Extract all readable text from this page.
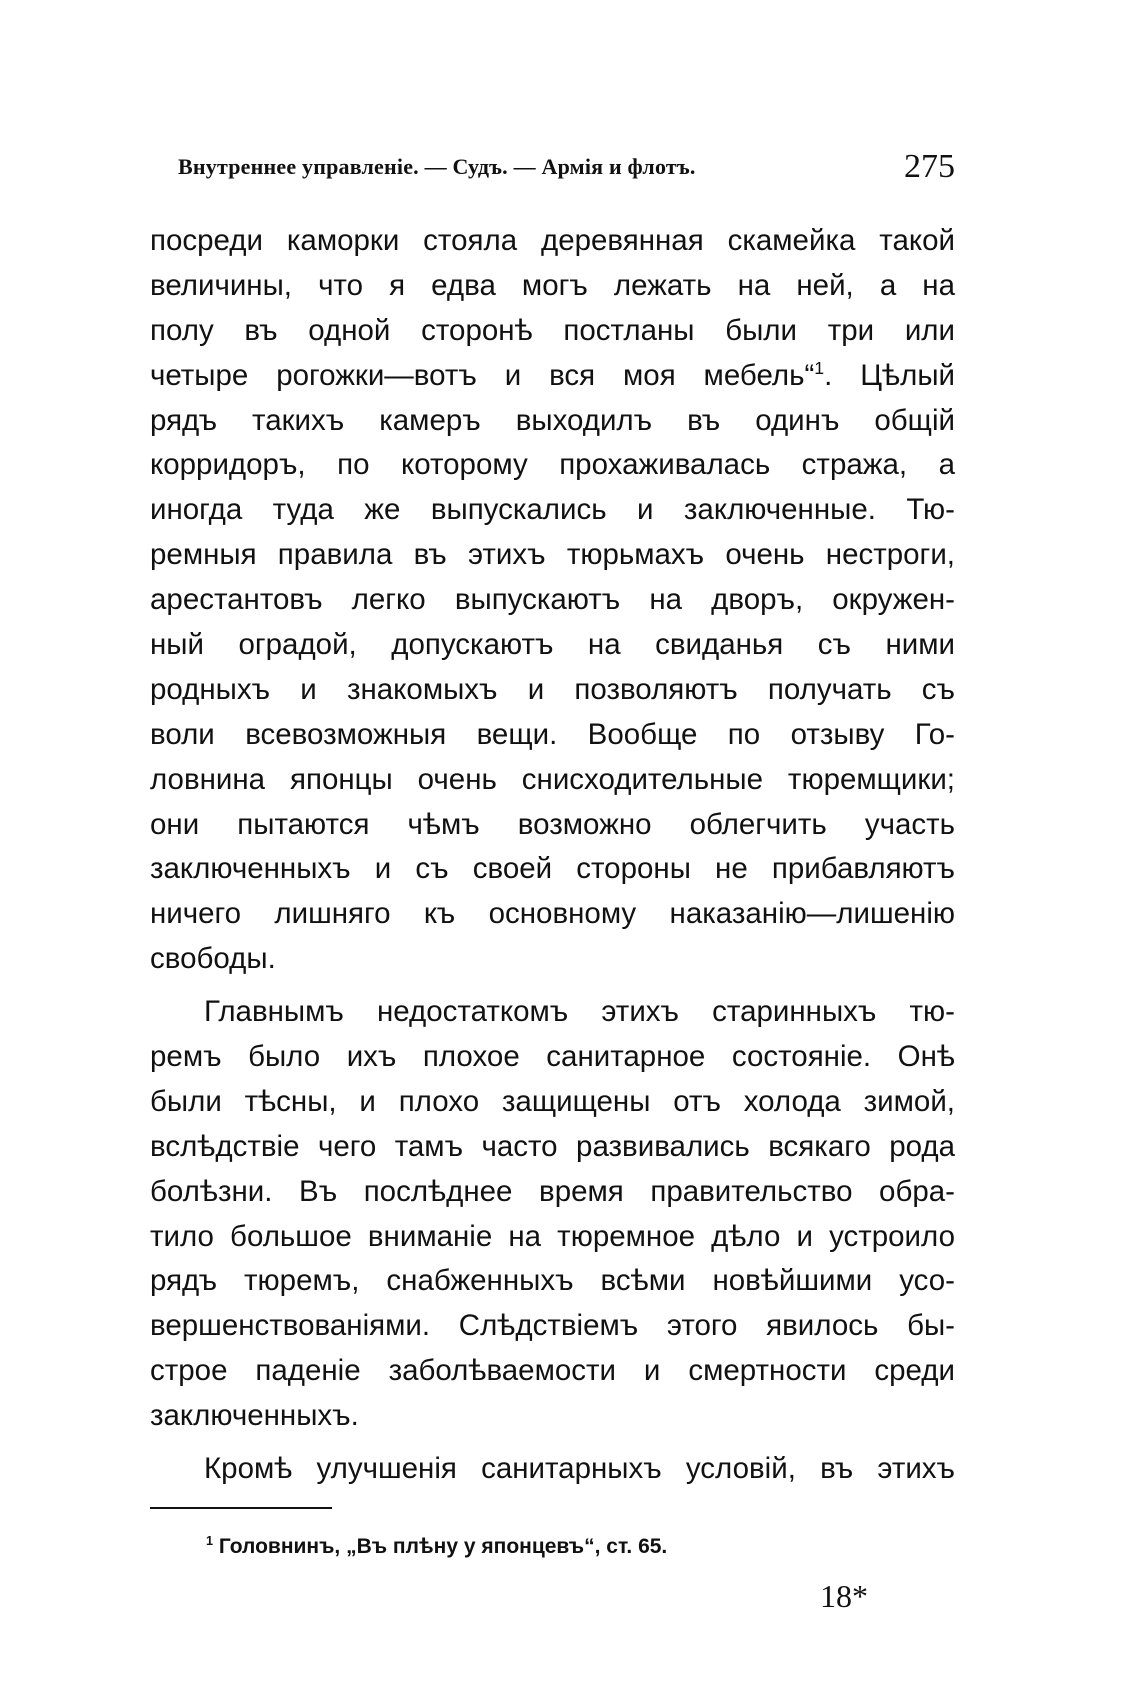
Внутреннее управленіе. — Судъ. — Армія и флотъ.	275
посреди каморки стояла деревянная скамейка такой
величины, что я едва могъ лежать на ней, а на
полу въ одной сторонѣ постланы были три или
четыре рогожки—вотъ и вся моя мебель“$^1$. Цѣлый
рядъ такихъ камеръ выходилъ въ одинъ общій
корридоръ, по которому прохаживалась стража, а
иногда туда же выпускались и заключенные. Тю-
ремныя правила въ этихъ тюрьмахъ очень нестроги,
арестантовъ легко выпускаютъ на дворъ, окружен-
ный оградой, допускаютъ на свиданья съ ними
родныхъ и знакомыхъ и позволяютъ получать съ
воли всевозможныя вещи. Вообще по отзыву Го-
ловнина японцы очень снисходительные тюремщики;
они пытаются чѣмъ возможно облегчить участь
заключенныхъ и съ своей стороны не прибавляютъ
ничего лишняго къ основному наказанію—лишенію
свободы.
Главнымъ недостаткомъ этихъ старинныхъ тю-
ремъ было ихъ плохое санитарное состояніе. Онѣ
были тѣсны, и плохо защищены отъ холода зимой,
вслѣдствіе чего тамъ часто развивались всякаго рода
болѣзни. Въ послѣднее время правительство обра-
тило большое вниманіе на тюремное дѣло и устроило
рядъ тюремъ, снабженныхъ всѣми новѣйшими усо-
вершенствованіями. Слѣдствіемъ этого явилось бы-
строе паденіе заболѣваемости и смертности среди
заключенныхъ.
Кромѣ улучшенія санитарныхъ условій, въ этихъ
$^1$ Головнинъ, „Въ плѣну у японцевъ“, ст. 65.
18*
